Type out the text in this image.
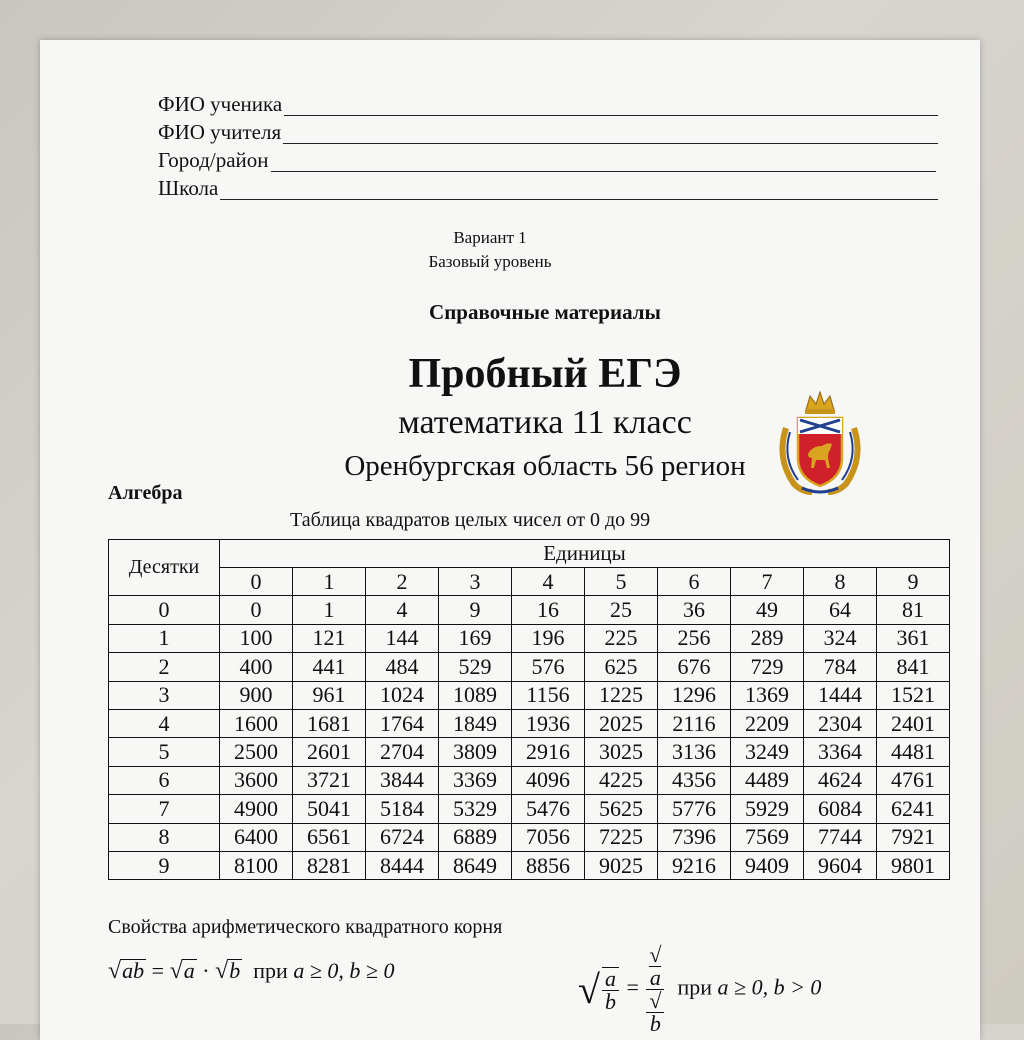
ФИО ученика
ФИО учителя
Город/район
Школа
Вариант 1
Базовый уровень
Справочные материалы
Пробный ЕГЭ
математика 11 класс
Оренбургская область 56 регион
Алгебра
Таблица квадратов целых чисел от 0 до 99
Десятки	Единицы									
	0	1	2	3	4	5	6	7	8	9
0	0	1	4	9	16	25	36	49	64	81
1	100	121	144	169	196	225	256	289	324	361
2	400	441	484	529	576	625	676	729	784	841
3	900	961	1024	1089	1156	1225	1296	1369	1444	1521
4	1600	1681	1764	1849	1936	2025	2116	2209	2304	2401
5	2500	2601	2704	3809	2916	3025	3136	3249	3364	4481
6	3600	3721	3844	3369	4096	4225	4356	4489	4624	4761
7	4900	5041	5184	5329	5476	5625	5776	5929	6084	6241
8	6400	6561	6724	6889	7056	7225	7396	7569	7744	7921
9	8100	8281	8444	8649	8856	9025	9216	9409	9604	9801
Свойства арифметического квадратного корня
√ab = √a · √b при a ≥ 0, b ≥ 0	√ $\frac{a}{b}$ = √
a
√
b при a ≥ 0, b > 0
